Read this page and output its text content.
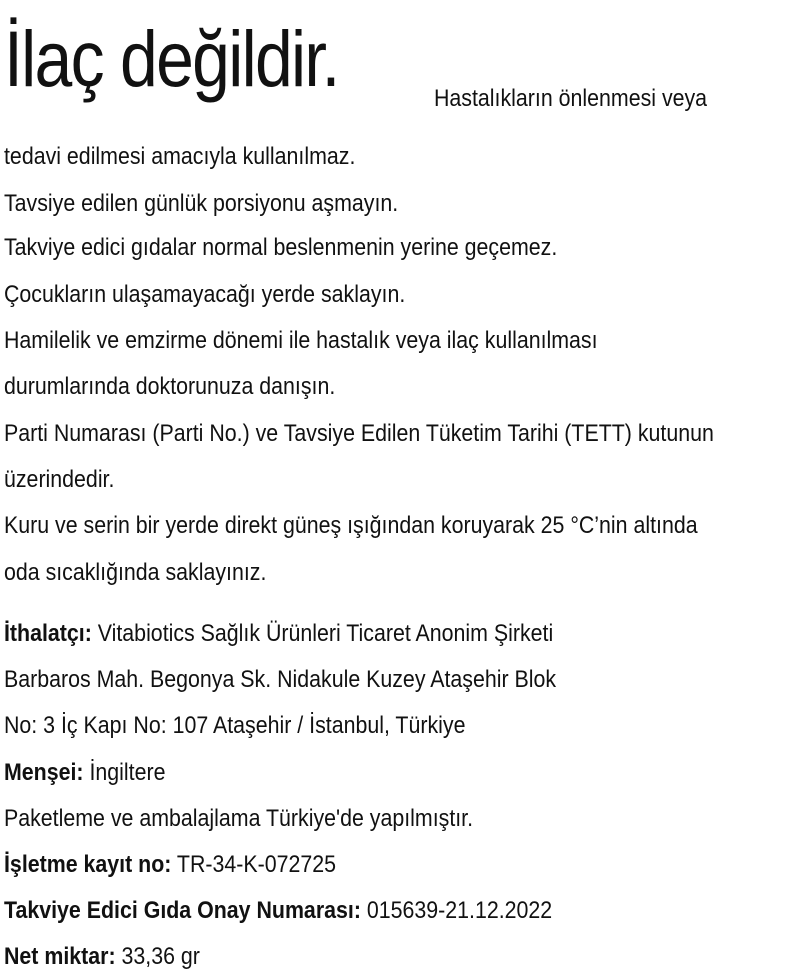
İlaç değildir.	Hastalıkların önlenmesi veya
tedavi edilmesi amacıyla kullanılmaz.
Tavsiye edilen günlük porsiyonu aşmayın.
Takviye edici gıdalar normal beslenmenin yerine geçemez.
Çocukların ulaşamayacağı yerde saklayın.
Hamilelik ve emzirme dönemi ile hastalık veya ilaç kullanılması
durumlarında doktorunuza danışın.
Parti Numarası (Parti No.) ve Tavsiye Edilen Tüketim Tarihi (TETT) kutunun
üzerindedir.
Kuru ve serin bir yerde direkt güneş ışığından koruyarak 25 °C’nin altında
oda sıcaklığında saklayınız.
İthalatçı: Vitabiotics Sağlık Ürünleri Ticaret Anonim Şirketi
Barbaros Mah. Begonya Sk. Nidakule Kuzey Ataşehir Blok
No: 3 İç Kapı No: 107 Ataşehir / İstanbul, Türkiye
Menşei: İngiltere
Paketleme ve ambalajlama Türkiye'de yapılmıştır.
İşletme kayıt no: TR-34-K-072725
Takviye Edici Gıda Onay Numarası: 015639-21.12.2022
Net miktar: 33,36 gr
